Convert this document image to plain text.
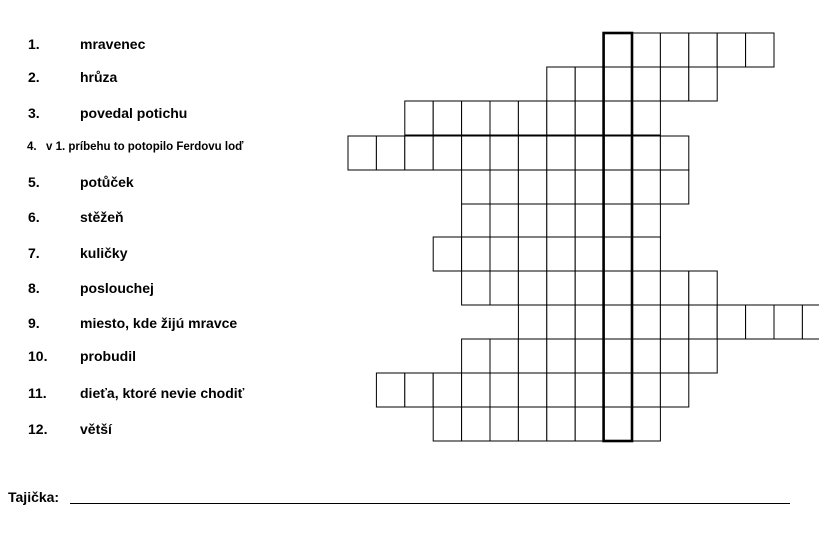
1.	mravenec
2.	hrůza
3.	povedal potichu
4. v 1. príbehu to potopilo Ferdovu loď
5.	potůček
6.	stěžeň
7.	kuličky
8.	poslouchej
9.	miesto, kde žijú mravce
10. probudil
11. dieťa, ktoré nevie chodiť
12. větší
Tajička:
